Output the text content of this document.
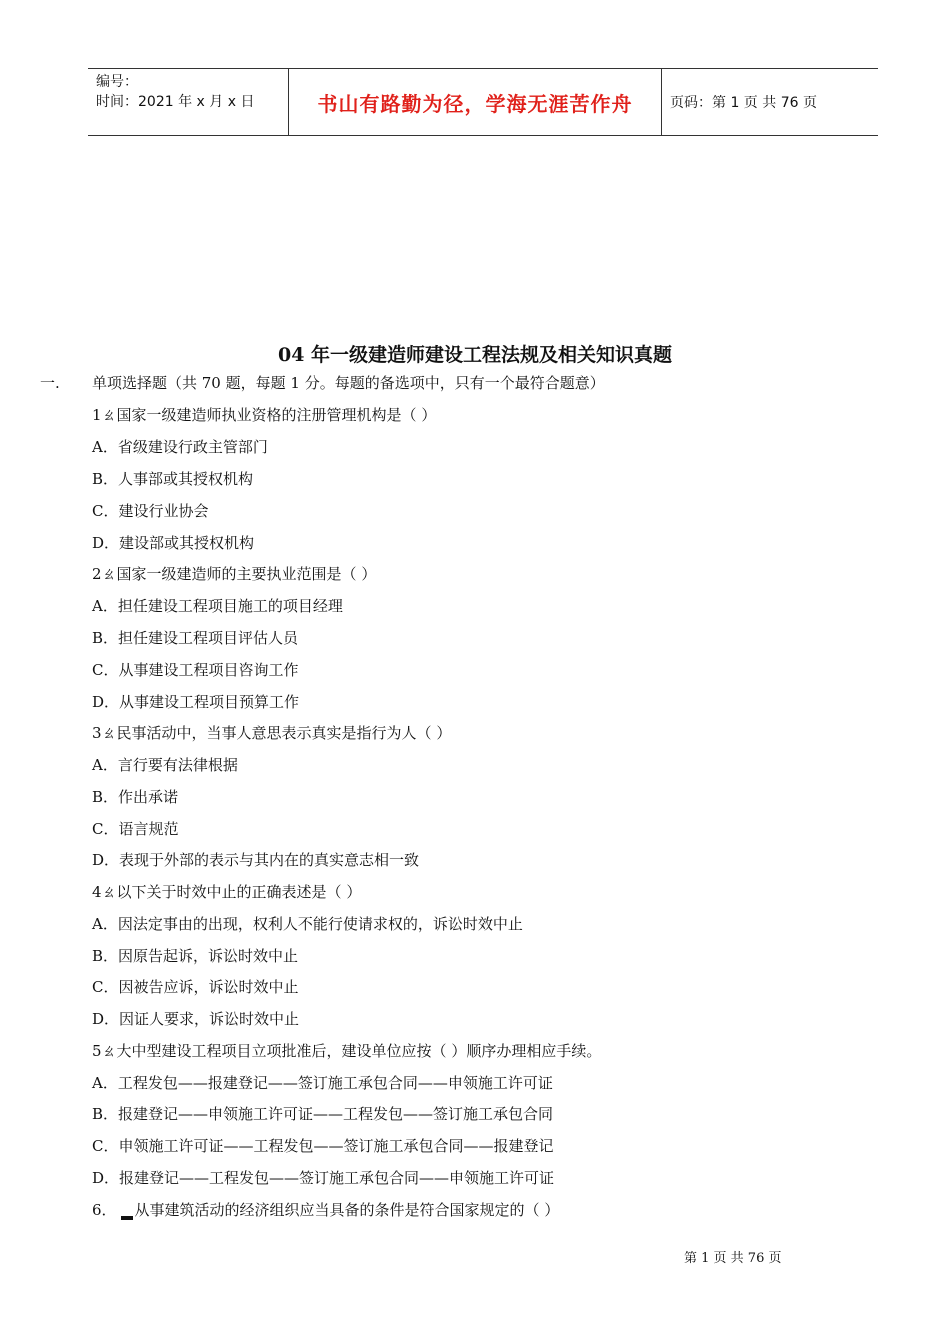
编号：
时间：2021 年 x 月 x 日	书山有路勤为径，学海无涯苦作舟	页码：第 1 页 共 76 页
04 年一级建造师建设工程法规及相关知识真题
一. 单项选择题（共 70 题，每题 1 分。每题的备选项中，只有一个最符合题意）
1ㄠ国家一级建造师执业资格的注册管理机构是（ ）
A．省级建设行政主管部门
B．人事部或其授权机构
C．建设行业协会
D．建设部或其授权机构
2ㄠ国家一级建造师的主要执业范围是（ ）
A．担任建设工程项目施工的项目经理
B．担任建设工程项目评估人员
C．从事建设工程项目咨询工作
D．从事建设工程项目预算工作
3ㄠ民事活动中，当事人意思表示真实是指行为人（ ）
A．言行要有法律根据
B．作出承诺
C．语言规范
D．表现于外部的表示与其内在的真实意志相一致
4ㄠ以下关于时效中止的正确表述是（ ）
A．因法定事由的出现，权利人不能行使请求权的，诉讼时效中止
B．因原告起诉，诉讼时效中止
C．因被告应诉，诉讼时效中止
D．因证人要求，诉讼时效中止
5ㄠ大中型建设工程项目立项批准后，建设单位应按（ ）顺序办理相应手续。
A．工程发包——报建登记——签订施工承包合同——申领施工许可证
B．报建登记——申领施工许可证——工程发包——签订施工承包合同
C．申领施工许可证——工程发包——签订施工承包合同——报建登记
D．报建登记——工程发包——签订施工承包合同——申领施工许可证
6． 从事建筑活动的经济组织应当具备的条件是符合国家规定的（ ）
第 1 页 共 76 页
